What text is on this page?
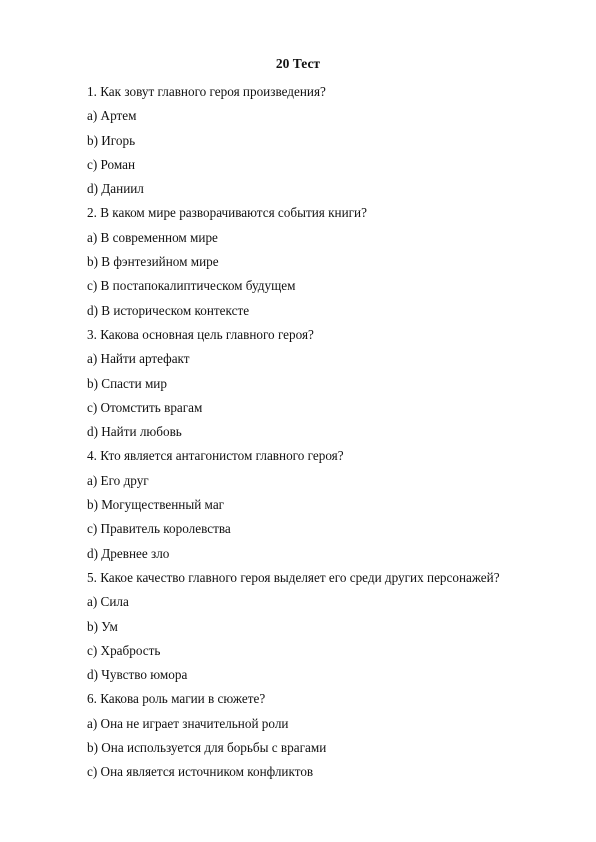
20 Тест
1. Как зовут главного героя произведения?
a) Артем
b) Игорь
c) Роман
d) Даниил
2. В каком мире разворачиваются события книги?
a) В современном мире
b) В фэнтезийном мире
c) В постапокалиптическом будущем
d) В историческом контексте
3. Какова основная цель главного героя?
a) Найти артефакт
b) Спасти мир
c) Отомстить врагам
d) Найти любовь
4. Кто является антагонистом главного героя?
a) Его друг
b) Могущественный маг
c) Правитель королевства
d) Древнее зло
5. Какое качество главного героя выделяет его среди других персонажей?
a) Сила
b) Ум
c) Храбрость
d) Чувство юмора
6. Какова роль магии в сюжете?
a) Она не играет значительной роли
b) Она используется для борьбы с врагами
c) Она является источником конфликтов
